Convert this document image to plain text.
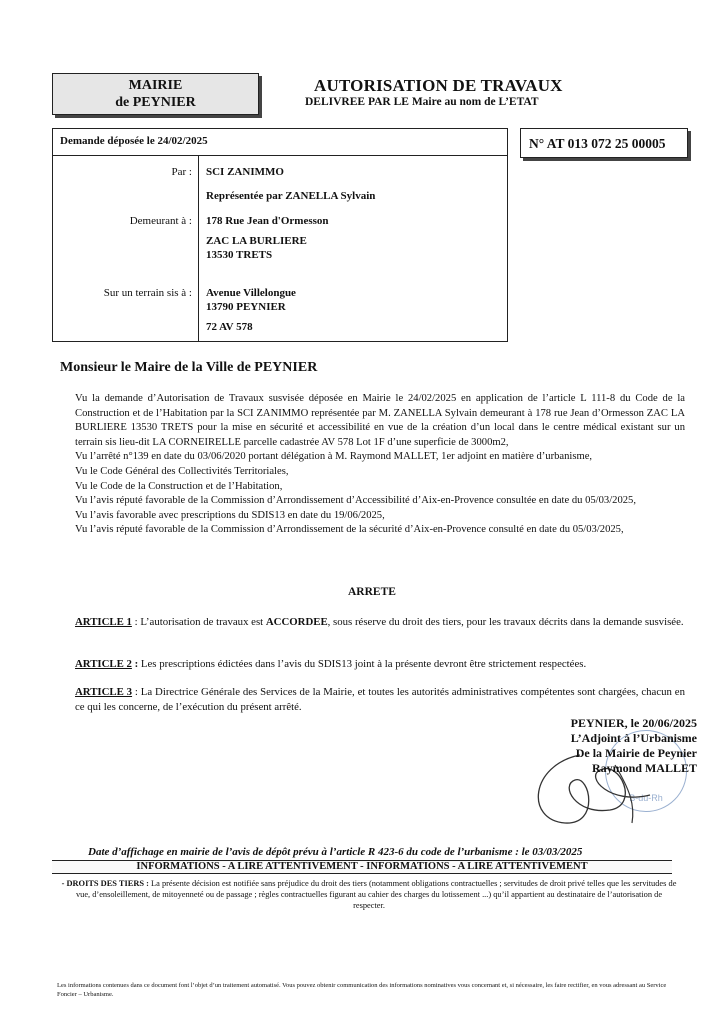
MAIRIE
de PEYNIER
AUTORISATION DE TRAVAUX
DELIVREE PAR LE Maire au nom de L’ETAT
Demande déposée le 24/02/2025	N° AT 013 072 25 00005
Par : SCI ZANIMMO
Représentée par ZANELLA Sylvain
Demeurant à : 178 Rue Jean d'Ormesson
ZAC LA BURLIERE
13530 TRETS
Sur un terrain sis à : Avenue Villelongue
13790 PEYNIER
72 AV 578
Monsieur le Maire de la Ville de PEYNIER
Vu la demande d’Autorisation de Travaux susvisée déposée en Mairie le 24/02/2025 en application de l’article L 111-8 du Code de la Construction et de l’Habitation par la SCI ZANIMMO représentée par M. ZANELLA Sylvain demeurant à 178 rue Jean d’Ormesson ZAC LA BURLIERE 13530 TRETS pour la mise en sécurité et accessibilité en vue de la création d’un local dans le centre médical existant sur un terrain sis lieu-dit LA CORNEIRELLE parcelle cadastrée AV 578 Lot 1F d’une superficie de 3000m2,
Vu l’arrêté n°139 en date du 03/06/2020 portant délégation à M. Raymond MALLET, 1er adjoint en matière d’urbanisme,
Vu le Code Général des Collectivités Territoriales,
Vu le Code de la Construction et de l’Habitation,
Vu l’avis réputé favorable de la Commission d’Arrondissement d’Accessibilité d’Aix-en-Provence consultée en date du 05/03/2025,
Vu l’avis favorable avec prescriptions du SDIS13 en date du 19/06/2025,
Vu l’avis réputé favorable de la Commission d’Arrondissement de la sécurité d’Aix-en-Provence consulté en date du 05/03/2025,
ARRETE
ARTICLE 1 : L’autorisation de travaux est ACCORDEE, sous réserve du droit des tiers, pour les travaux décrits dans la demande susvisée.
ARTICLE 2 : Les prescriptions édictées dans l’avis du SDIS13 joint à la présente devront être strictement respectées.
ARTICLE 3 : La Directrice Générale des Services de la Mairie, et toutes les autorités administratives compétentes sont chargées, chacun en ce qui les concerne, de l’exécution du présent arrêté.
B-du-Rh
PEYNIER, le 20/06/2025
L’Adjoint à l’Urbanisme
De la Mairie de Peynier
Raymond MALLET
Date d’affichage en mairie de l’avis de dépôt prévu à l’article R 423-6 du code de l’urbanisme : le 03/03/2025
INFORMATIONS - A LIRE ATTENTIVEMENT - INFORMATIONS - A LIRE ATTENTIVEMENT
- DROITS DES TIERS : La présente décision est notifiée sans préjudice du droit des tiers (notamment obligations contractuelles ; servitudes de droit privé telles que les servitudes de vue, d’ensoleillement, de mitoyenneté ou de passage ; règles contractuelles figurant au cahier des charges du lotissement ...) qu’il appartient au destinataire de l’autorisation de respecter.
Les informations contenues dans ce document font l’objet d’un traitement automatisé. Vous pouvez obtenir communication des informations nominatives vous concernant et, si nécessaire, les faire rectifier, en vous adressant au Service Foncier – Urbanisme.
